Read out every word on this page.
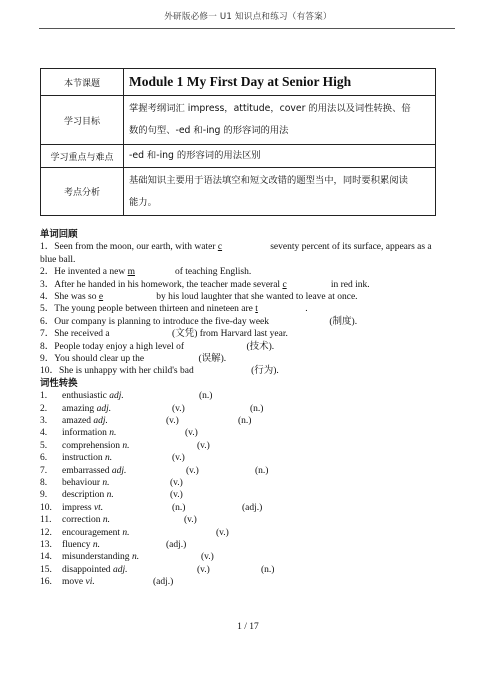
外研版必修一 U1 知识点和练习（有答案）
本节课题	Module 1 My First Day at Senior High
学习目标	掌握考纲词汇 impress，attitude，cover 的用法以及词性转换、倍
数的句型、-ed 和-ing 的形容词的用法

学习重点与难点	-ed 和-ing 的形容词的用法区别
考点分析	基础知识主要用于语法填空和短文改错的题型当中，同时要积累阅读
能力。
单词回顾
1．Seen from the moon, our earth, with water c	seventy percent of its surface, appears as a
blue ball.
2．He invented a new m	of teaching English.
3．After he handed in his homework, the teacher made several c	in red ink.
4．She was so e	by his loud laughter that she wanted to leave at once.
5．The young people between thirteen and nineteen are t	.
6．Our company is planning to introduce the five-day week	(制度).
7．She received a	(文凭) from Harvard last year.
8．People today enjoy a high level of	(技术).
9．You should clear up the	(误解).
10．She is unhappy with her child's bad	(行为).
词性转换
1. enthusiastic adj.	(n.)
2. amazing adj.	(v.)	(n.)
3. amazed adj.	(v.)	(n.)
4. information n.	(v.)
5. comprehension n.	(v.)
6. instruction n.	(v.)
7. embarrassed adj.	(v.)	(n.)
8. behaviour n.	(v.)
9. description n.	(v.)
10. impress vt.	(n.)	(adj.)
11. correction n.	(v.)
12. encouragement n.	(v.)
13. fluency n.	(adj.)
14. misunderstanding n.	(v.)
15. disappointed adj.	(v.)	(n.)
16. move vi.	(adj.)
1 / 17
